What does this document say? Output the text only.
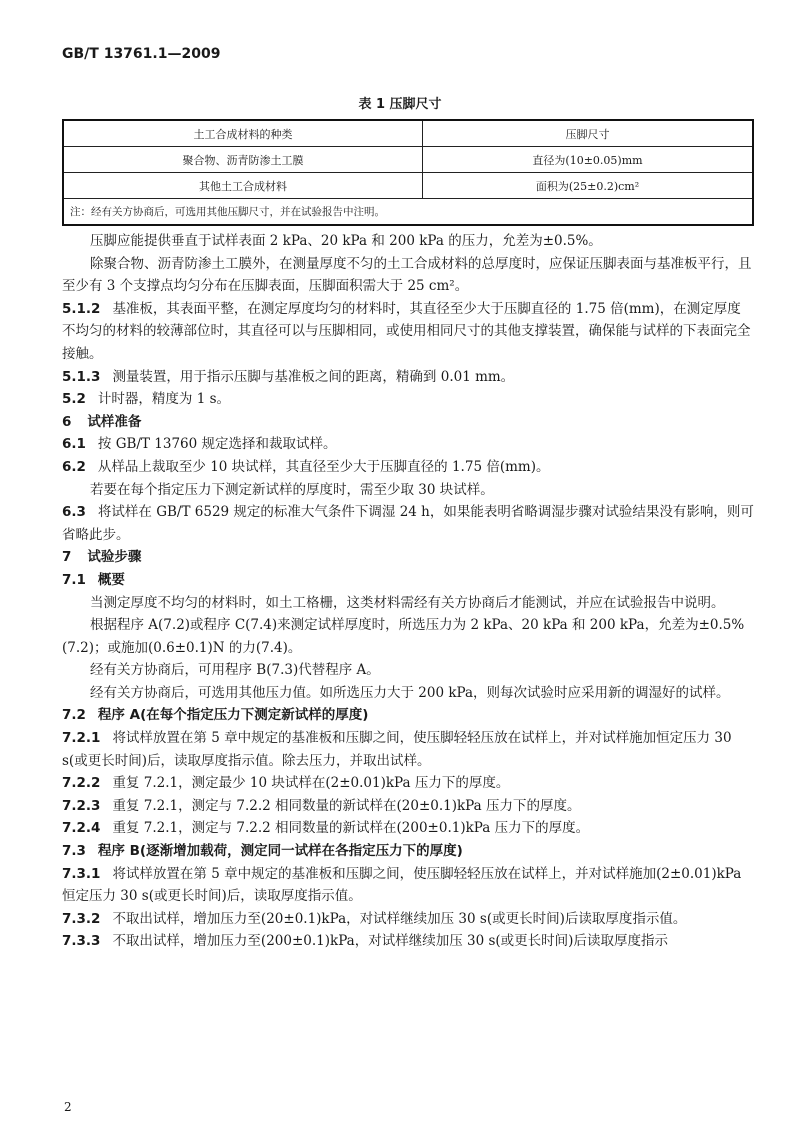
GB/T 13761.1—2009
表 1 压脚尺寸
土工合成材料的种类	压脚尺寸
聚合物、沥青防渗土工膜	直径为(10±0.05)mm
其他土工合成材料	面积为(25±0.2)cm²
注：经有关方协商后，可选用其他压脚尺寸，并在试验报告中注明。	

压脚应能提供垂直于试样表面 2 kPa、20 kPa 和 200 kPa 的压力，允差为±0.5%。

除聚合物、沥青防渗土工膜外，在测量厚度不匀的土工合成材料的总厚度时，应保证压脚表面与基准板平行，且至少有 3 个支撑点均匀分布在压脚表面，压脚面积需大于 25 cm²。

5.1.2 基准板，其表面平整，在测定厚度均匀的材料时，其直径至少大于压脚直径的 1.75 倍(mm)，在测定厚度不均匀的材料的较薄部位时，其直径可以与压脚相同，或使用相同尺寸的其他支撑装置，确保能与试样的下表面完全接触。

5.1.3 测量装置，用于指示压脚与基准板之间的距离，精确到 0.01 mm。

5.2 计时器，精度为 1 s。

6 试样准备

6.1 按 GB/T 13760 规定选择和裁取试样。

6.2 从样品上裁取至少 10 块试样，其直径至少大于压脚直径的 1.75 倍(mm)。

若要在每个指定压力下测定新试样的厚度时，需至少取 30 块试样。

6.3 将试样在 GB/T 6529 规定的标准大气条件下调湿 24 h，如果能表明省略调湿步骤对试验结果没有影响，则可省略此步。

7 试验步骤

7.1 概要

当测定厚度不均匀的材料时，如土工格栅，这类材料需经有关方协商后才能测试，并应在试验报告中说明。

根据程序 A(7.2)或程序 C(7.4)来测定试样厚度时，所选压力为 2 kPa、20 kPa 和 200 kPa，允差为±0.5%(7.2)；或施加(0.6±0.1)N 的力(7.4)。

经有关方协商后，可用程序 B(7.3)代替程序 A。

经有关方协商后，可选用其他压力值。如所选压力大于 200 kPa，则每次试验时应采用新的调湿好的试样。

7.2 程序 A(在每个指定压力下测定新试样的厚度)

7.2.1 将试样放置在第 5 章中规定的基准板和压脚之间，使压脚轻轻压放在试样上，并对试样施加恒定压力 30 s(或更长时间)后，读取厚度指示值。除去压力，并取出试样。

7.2.2 重复 7.2.1，测定最少 10 块试样在(2±0.01)kPa 压力下的厚度。

7.2.3 重复 7.2.1，测定与 7.2.2 相同数量的新试样在(20±0.1)kPa 压力下的厚度。

7.2.4 重复 7.2.1，测定与 7.2.2 相同数量的新试样在(200±0.1)kPa 压力下的厚度。

7.3 程序 B(逐渐增加载荷，测定同一试样在各指定压力下的厚度)

7.3.1 将试样放置在第 5 章中规定的基准板和压脚之间，使压脚轻轻压放在试样上，并对试样施加(2±0.01)kPa 恒定压力 30 s(或更长时间)后，读取厚度指示值。

7.3.2 不取出试样，增加压力至(20±0.1)kPa，对试样继续加压 30 s(或更长时间)后读取厚度指示值。

7.3.3 不取出试样，增加压力至(200±0.1)kPa，对试样继续加压 30 s(或更长时间)后读取厚度指示

2
